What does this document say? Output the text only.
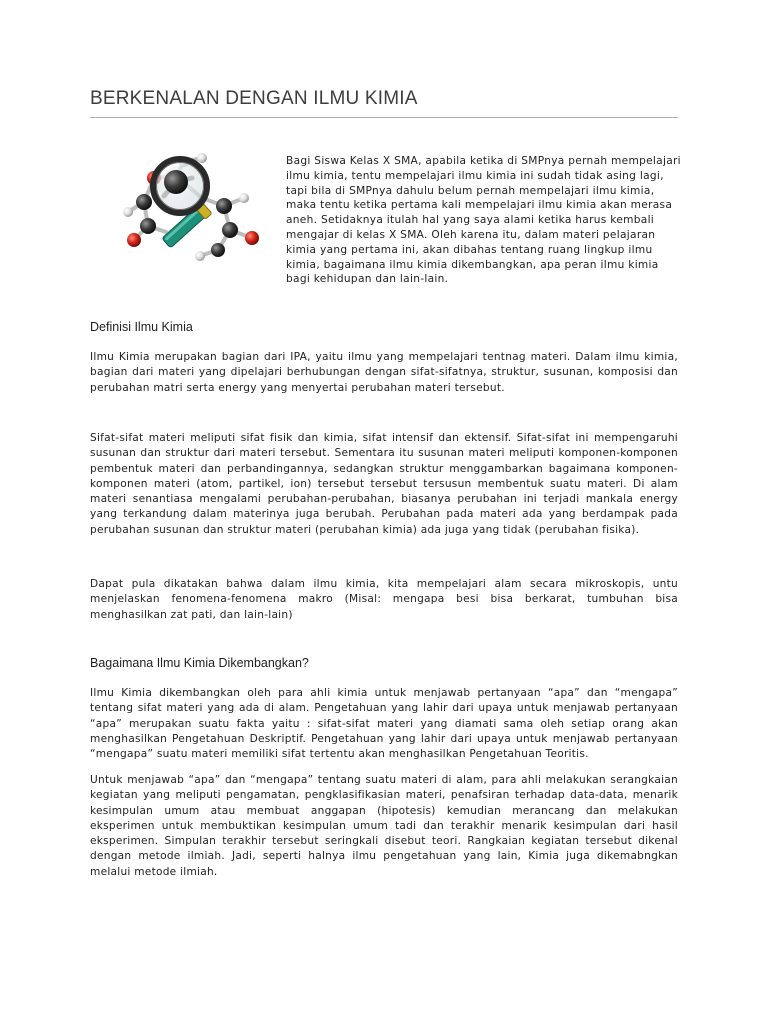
BERKENALAN DENGAN ILMU KIMIA

Bagi Siswa Kelas X SMA, apabila ketika di SMPnya pernah mempelajari ilmu kimia, tentu mempelajari ilmu kimia ini sudah tidak asing lagi, tapi bila di SMPnya dahulu belum pernah mempelajari ilmu kimia, maka tentu ketika pertama kali mempelajari ilmu kimia akan merasa aneh. Setidaknya itulah hal yang saya alami ketika harus kembali mengajar di kelas X SMA. Oleh karena itu, dalam materi pelajaran kimia yang pertama ini, akan dibahas tentang ruang lingkup ilmu kimia, bagaimana ilmu kimia dikembangkan, apa peran ilmu kimia bagi kehidupan dan lain-lain.

Definisi Ilmu Kimia

Ilmu Kimia merupakan bagian dari IPA, yaitu ilmu yang mempelajari tentnag materi. Dalam ilmu kimia, bagian dari materi yang dipelajari berhubungan dengan sifat-sifatnya, struktur, susunan, komposisi dan perubahan matri serta energy yang menyertai perubahan materi tersebut.

Sifat-sifat materi meliputi sifat fisik dan kimia, sifat intensif dan ektensif. Sifat-sifat ini mempengaruhi susunan dan struktur dari materi tersebut. Sementara itu susunan materi meliputi komponen-komponen pembentuk materi dan perbandingannya, sedangkan struktur menggambarkan bagaimana komponen-komponen materi (atom, partikel, ion) tersebut tersebut tersusun membentuk suatu materi. Di alam materi senantiasa mengalami perubahan-perubahan, biasanya perubahan ini terjadi mankala energy yang terkandung dalam materinya juga berubah. Perubahan pada materi ada yang berdampak pada perubahan susunan dan struktur materi (perubahan kimia) ada juga yang tidak (perubahan fisika).

Dapat pula dikatakan bahwa dalam ilmu kimia, kita mempelajari alam secara mikroskopis, untu menjelaskan fenomena-fenomena makro (Misal: mengapa besi bisa berkarat, tumbuhan bisa menghasilkan zat pati, dan lain-lain)

Bagaimana Ilmu Kimia Dikembangkan?

Ilmu Kimia dikembangkan oleh para ahli kimia untuk menjawab pertanyaan “apa” dan “mengapa” tentang sifat materi yang ada di alam. Pengetahuan yang lahir dari upaya untuk menjawab pertanyaan “apa” merupakan suatu fakta yaitu : sifat-sifat materi yang diamati sama oleh setiap orang akan menghasilkan Pengetahuan Deskriptif. Pengetahuan yang lahir dari upaya untuk menjawab pertanyaan “mengapa” suatu materi memiliki sifat tertentu akan menghasilkan Pengetahuan Teoritis.

Untuk menjawab “apa” dan “mengapa” tentang suatu materi di alam, para ahli melakukan serangkaian kegiatan yang meliputi pengamatan, pengklasifikasian materi, penafsiran terhadap data-data, menarik kesimpulan umum atau membuat anggapan (hipotesis) kemudian merancang dan melakukan eksperimen untuk membuktikan kesimpulan umum tadi dan terakhir menarik kesimpulan dari hasil eksperimen. Simpulan terakhir tersebut seringkali disebut teori. Rangkaian kegiatan tersebut dikenal dengan metode ilmiah. Jadi, seperti halnya ilmu pengetahuan yang lain, Kimia juga dikemabngkan melalui metode ilmiah.
